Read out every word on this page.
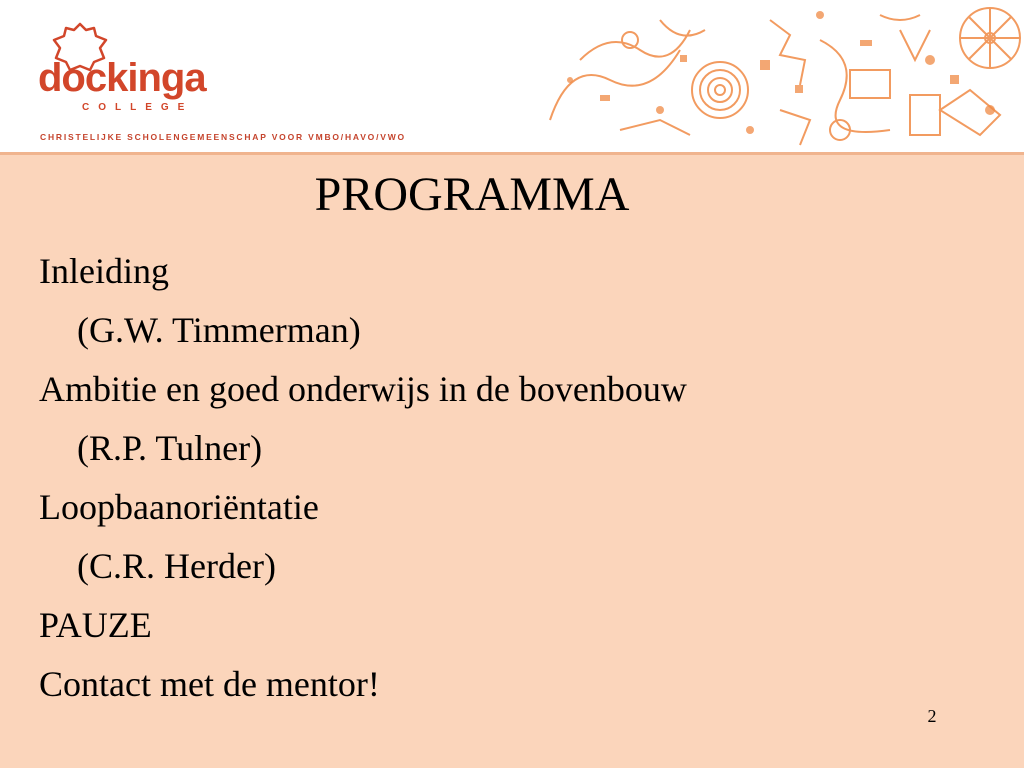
dockinga
COLLEGE
CHRISTELIJKE SCHOLENGEMEENSCHAP VOOR VMBO/HAVO/VWO
PROGRAMMA
Inleiding
(G.W. Timmerman)
Ambitie en goed onderwijs in de bovenbouw
(R.P. Tulner)
Loopbaanoriëntatie
(C.R. Herder)
PAUZE
Contact met de mentor!
2
